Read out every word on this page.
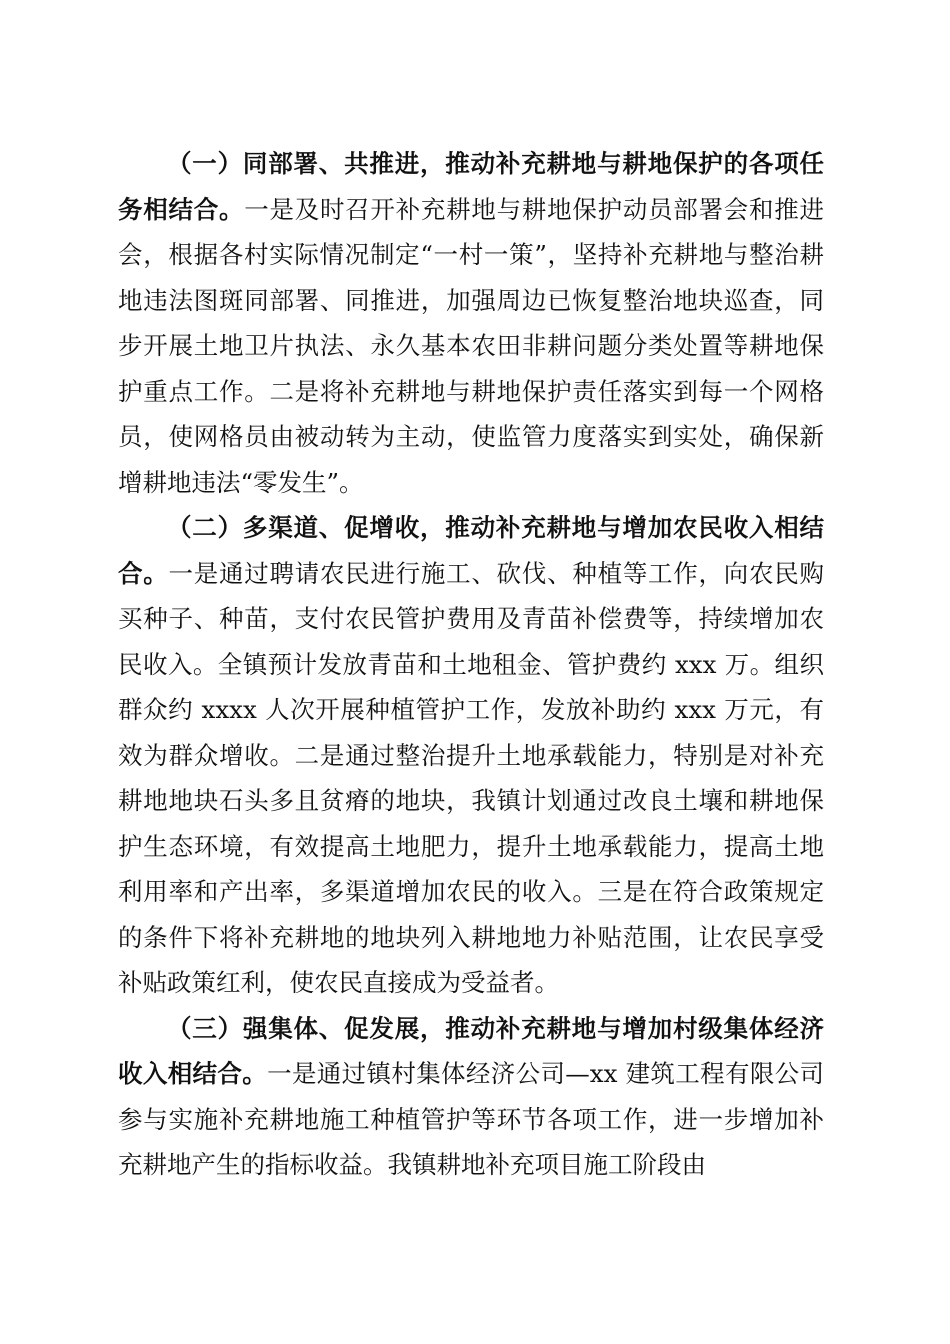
（一）同部署、共推进，推动补充耕地与耕地保护的各项任务相结合。一是及时召开补充耕地与耕地保护动员部署会和推进会，根据各村实际情况制定“一村一策”，坚持补充耕地与整治耕地违法图斑同部署、同推进，加强周边已恢复整治地块巡查，同步开展土地卫片执法、永久基本农田非耕问题分类处置等耕地保护重点工作。二是将补充耕地与耕地保护责任落实到每一个网格员，使网格员由被动转为主动，使监管力度落实到实处，确保新增耕地违法“零发生”。

（二）多渠道、促增收，推动补充耕地与增加农民收入相结合。一是通过聘请农民进行施工、砍伐、种植等工作，向农民购买种子、种苗，支付农民管护费用及青苗补偿费等，持续增加农民收入。全镇预计发放青苗和土地租金、管护费约 xxx 万。组织群众约 xxxx 人次开展种植管护工作，发放补助约 xxx 万元，有效为群众增收。二是通过整治提升土地承载能力，特别是对补充耕地地块石头多且贫瘠的地块，我镇计划通过改良土壤和耕地保护生态环境，有效提高土地肥力，提升土地承载能力，提高土地利用率和产出率，多渠道增加农民的收入。三是在符合政策规定的条件下将补充耕地的地块列入耕地地力补贴范围，让农民享受补贴政策红利，使农民直接成为受益者。

（三）强集体、促发展，推动补充耕地与增加村级集体经济收入相结合。一是通过镇村集体经济公司—xx 建筑工程有限公司参与实施补充耕地施工种植管护等环节各项工作，进一步增加补充耕地产生的指标收益。我镇耕地补充项目施工阶段由
